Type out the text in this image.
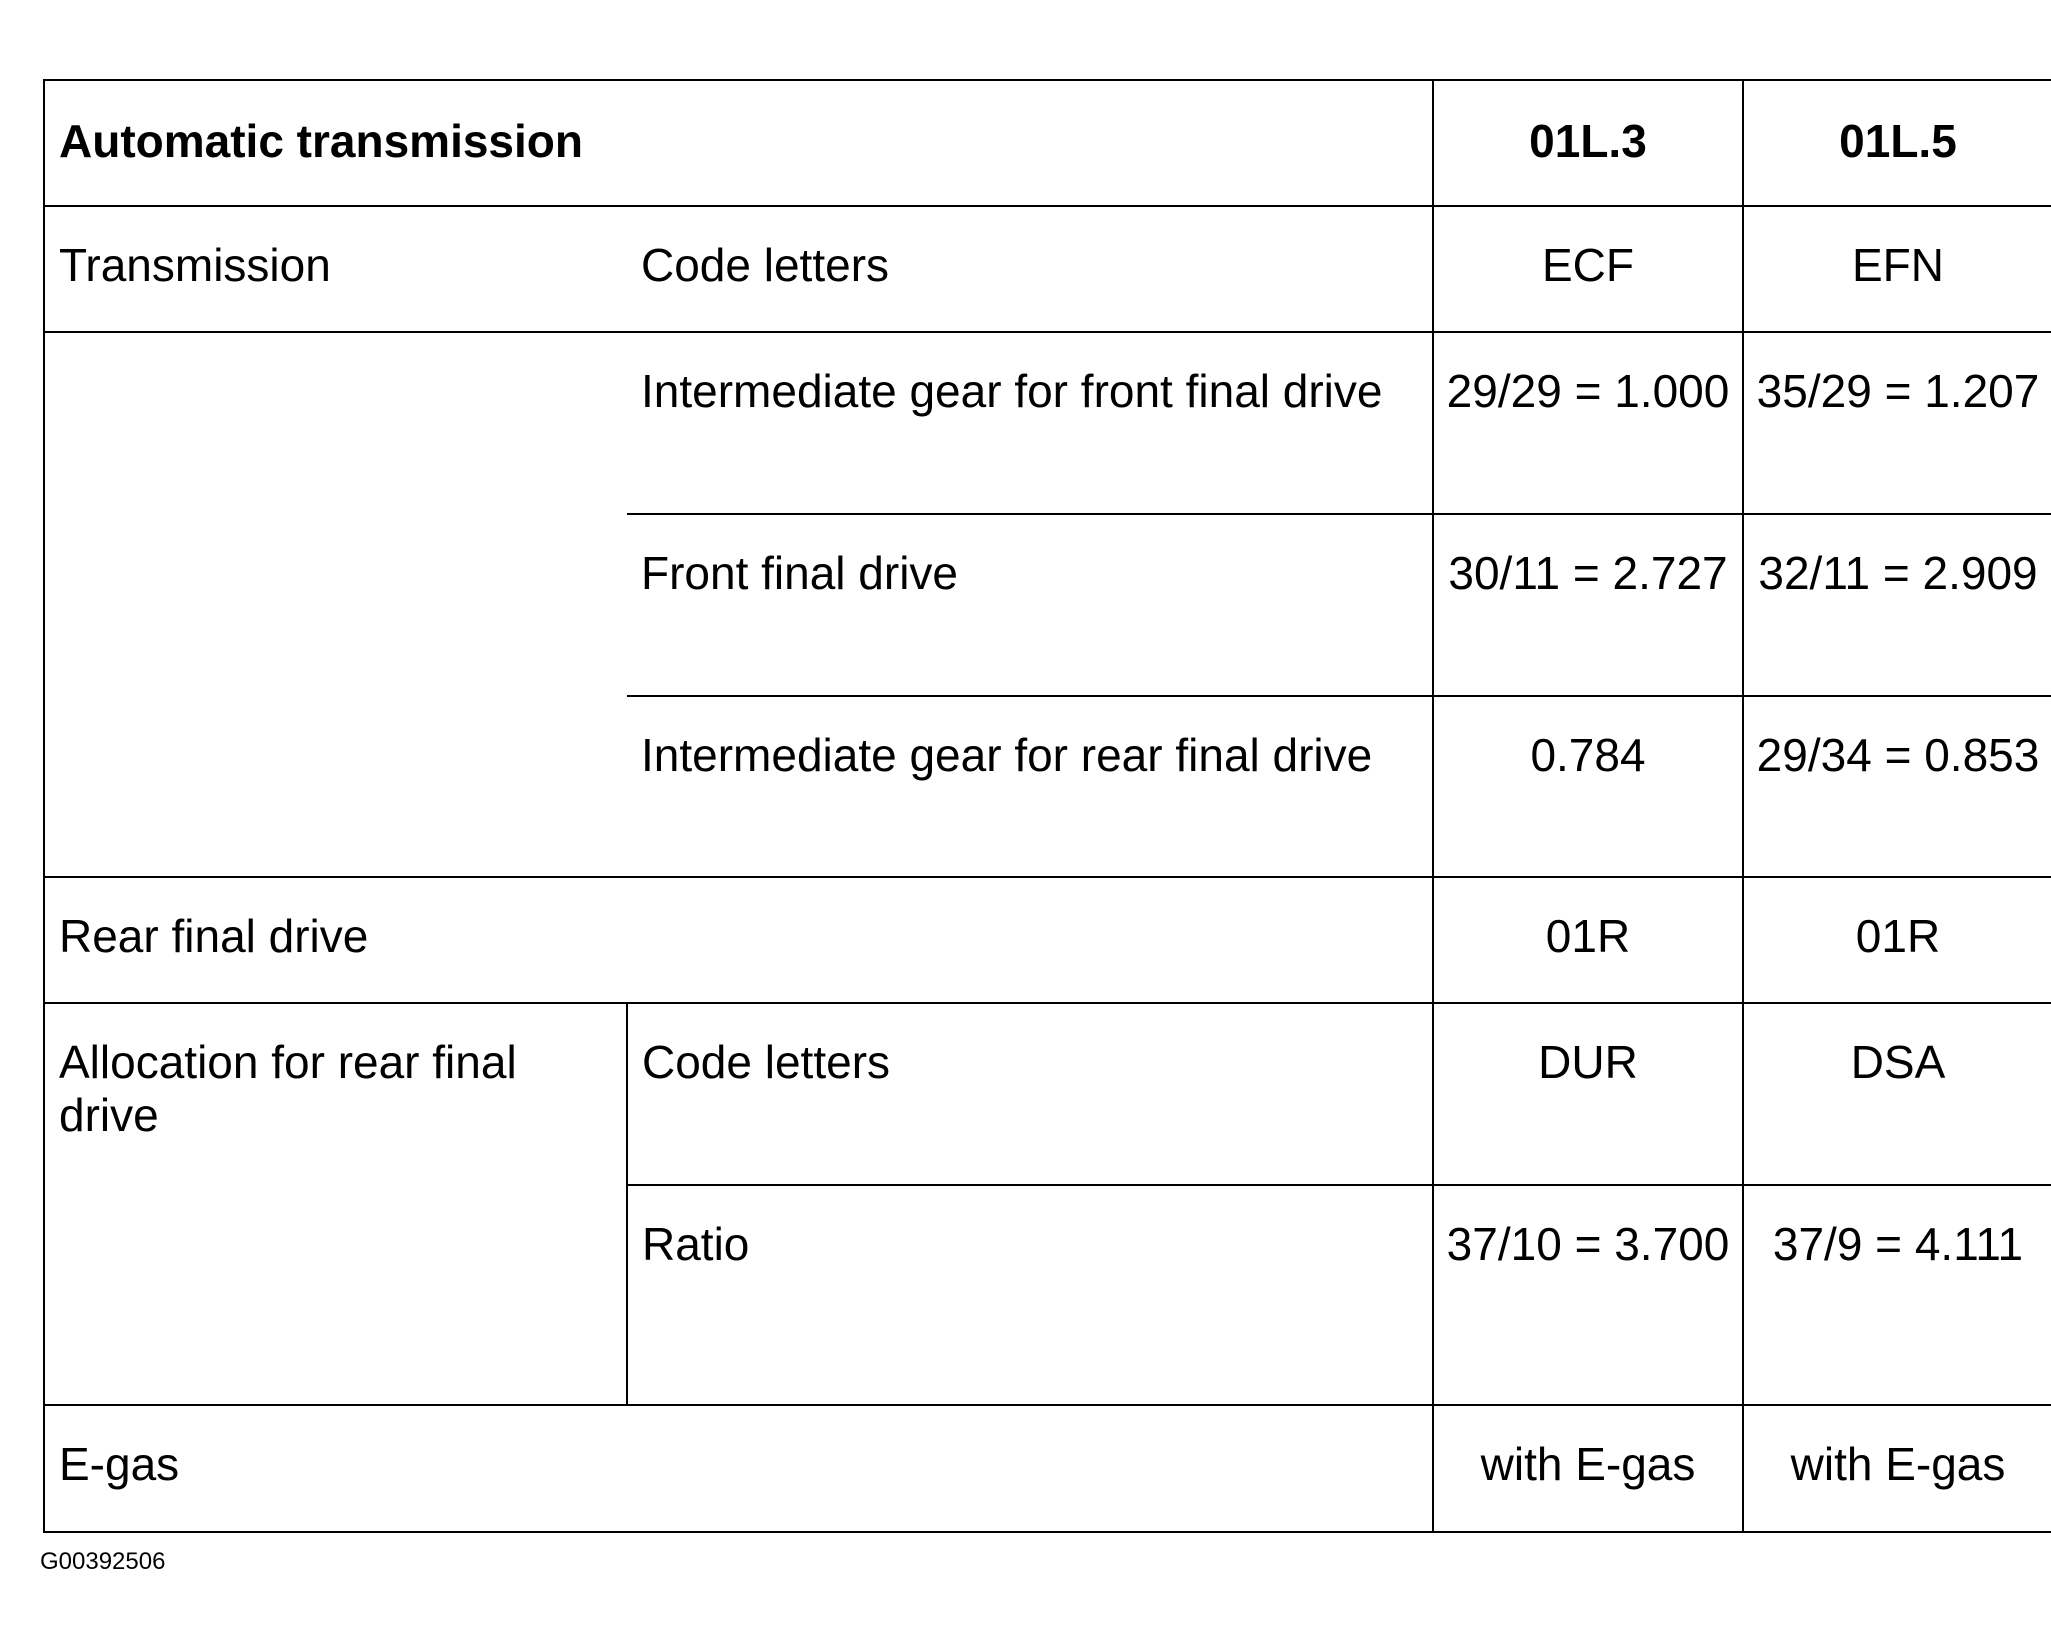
Automatic transmission		01L.3	01L.5
Transmission	Code letters	ECF	EFN
	Intermediate gear for front final drive	29/29 = 1.000	35/29 = 1.207
	Front final drive	30/11 = 2.727	32/11 = 2.909
	Intermediate gear for rear final drive	0.784	29/34 = 0.853
Rear final drive		01R	01R
Allocation for rear final drive	Code letters	DUR	DSA
	Ratio	37/10 = 3.700	37/9 = 4.111
E-gas		with E-gas	with E-gas
G00392506
